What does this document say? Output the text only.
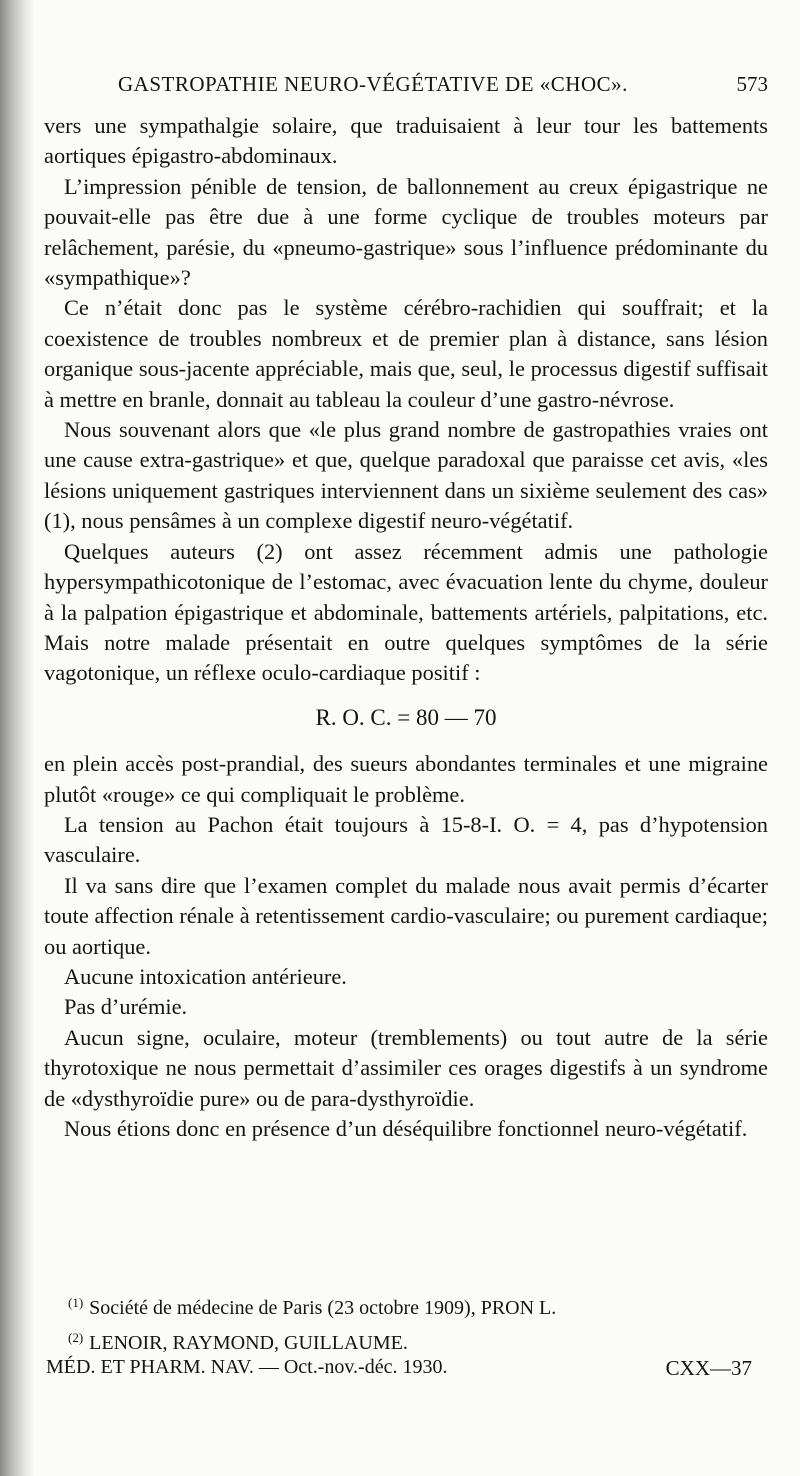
GASTROPATHIE NEURO-VÉGÉTATIVE DE «CHOC».	573

vers une sympathalgie solaire, que traduisaient à leur tour les battements aortiques épigastro-abdominaux.

L’impression pénible de tension, de ballonnement au creux épigastrique ne pouvait-elle pas être due à une forme cyclique de troubles moteurs par relâchement, parésie, du «pneumo-gastrique» sous l’influence prédominante du «sympathique»?

Ce n’était donc pas le système cérébro-rachidien qui souffrait; et la coexistence de troubles nombreux et de premier plan à distance, sans lésion organique sous-jacente appréciable, mais que, seul, le processus digestif suffisait à mettre en branle, donnait au tableau la couleur d’une gastro-névrose.

Nous souvenant alors que «le plus grand nombre de gastropathies vraies ont une cause extra-gastrique» et que, quelque paradoxal que paraisse cet avis, «les lésions uniquement gastriques interviennent dans un sixième seulement des cas» (1), nous pensâmes à un complexe digestif neuro-végétatif.

Quelques auteurs (2) ont assez récemment admis une pathologie hypersympathicotonique de l’estomac, avec évacuation lente du chyme, douleur à la palpation épigastrique et abdominale, battements artériels, palpitations, etc. Mais notre malade présentait en outre quelques symptômes de la série vagotonique, un réflexe oculo-cardiaque positif :

R. O. C. = 80 — 70

en plein accès post-prandial, des sueurs abondantes terminales et une migraine plutôt «rouge» ce qui compliquait le problème.

La tension au Pachon était toujours à 15-8-I. O. = 4, pas d’hypotension vasculaire.

Il va sans dire que l’examen complet du malade nous avait permis d’écarter toute affection rénale à retentissement cardio-vasculaire; ou purement cardiaque; ou aortique.

Aucune intoxication antérieure.

Pas d’urémie.

Aucun signe, oculaire, moteur (tremblements) ou tout autre de la série thyrotoxique ne nous permettait d’assimiler ces orages digestifs à un syndrome de «dysthyroïdie pure» ou de para-dysthyroïdie.

Nous étions donc en présence d’un déséquilibre fonctionnel neuro-végétatif.

$^{(1)}$ Société de médecine de Paris (23 octobre 1909), PRON L.

$^{(2)}$ LENOIR, RAYMOND, GUILLAUME.

MÉD. ET PHARM. NAV. — Oct.-nov.-déc. 1930.	CXX—37
